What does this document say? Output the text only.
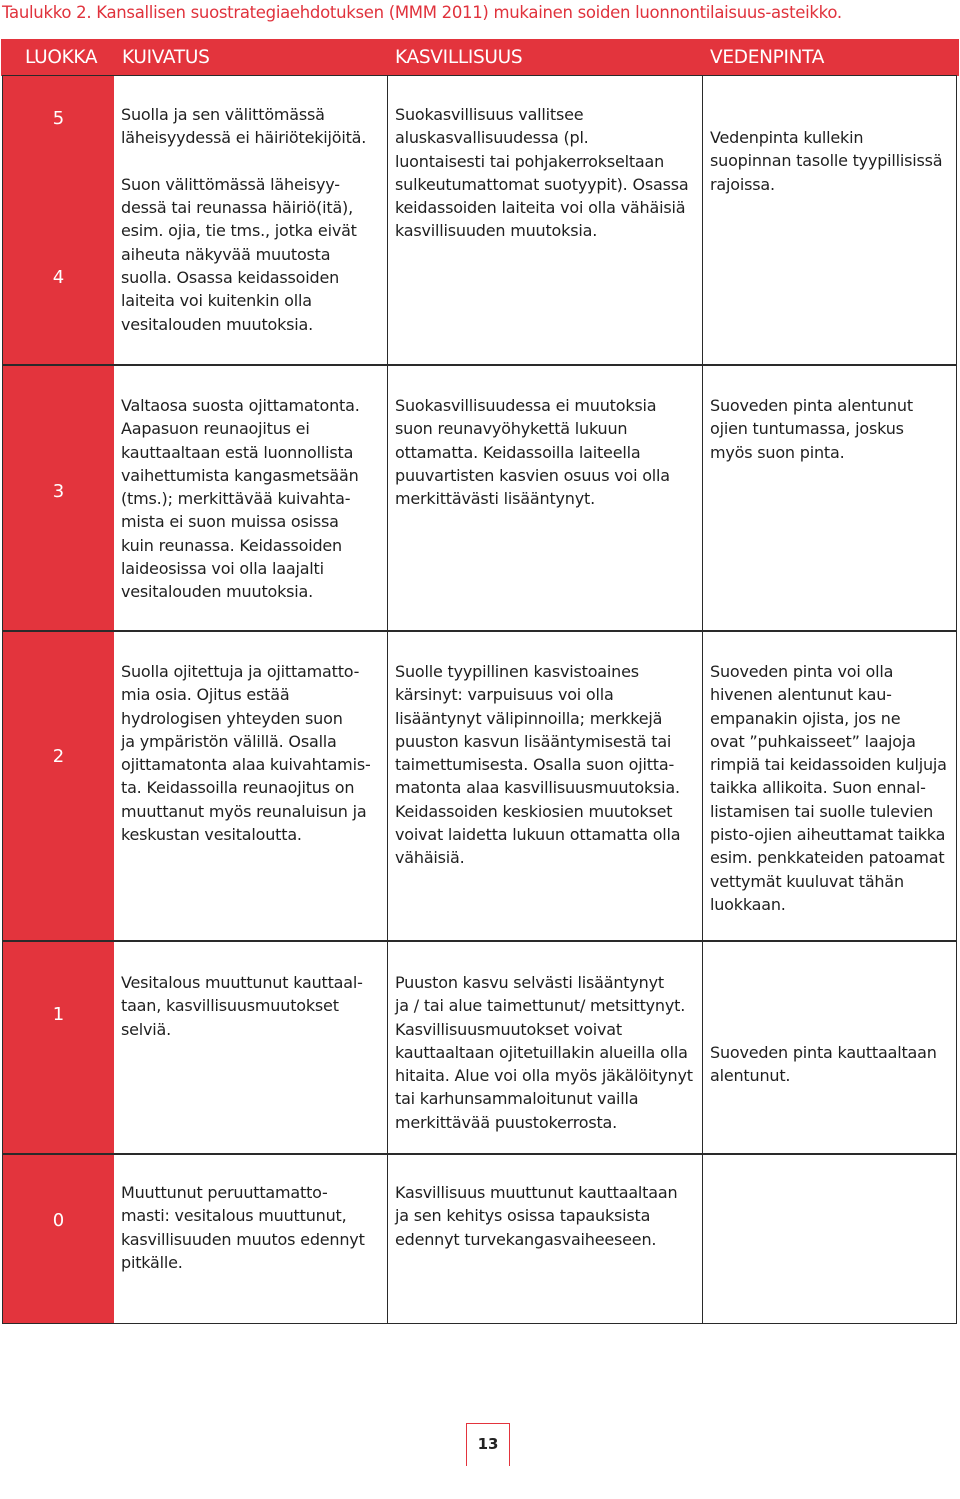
Taulukko 2. Kansallisen suostrategiaehdotuksen (MMM 2011) mukainen soiden luonnontilaisuus-asteikko.
LUOKKA KUIVATUS	KASVILLISUUS	VEDENPINTA
5
4
Suolla ja sen välittömässä
läheisyydessä ei häiriötekijöitä.

Suon välittömässä läheisyy-
dessä tai reunassa häiriö(itä),
esim. ojia, tie tms., jotka eivät
aiheuta näkyvää muutosta
suolla. Osassa keidassoiden
laiteita voi kuitenkin olla
vesitalouden muutoksia.
Suokasvillisuus vallitsee
aluskasvallisuudessa (pl.
luontaisesti tai pohjakerrokseltaan
sulkeutumattomat suotyypit). Osassa
keidassoiden laiteita voi olla vähäisiä
kasvillisuuden muutoksia.
Vedenpinta kullekin
suopinnan tasolle tyypillisissä
rajoissa.
3
Valtaosa suosta ojittamatonta.
Aapasuon reunaojitus ei
kauttaaltaan estä luonnollista
vaihettumista kangasmetsään
(tms.); merkittävää kuivahta-
mista ei suon muissa osissa
kuin reunassa. Keidassoiden
laideosissa voi olla laajalti
vesitalouden muutoksia.
Suokasvillisuudessa ei muutoksia
suon reunavyöhykettä lukuun
ottamatta. Keidassoilla laiteella
puuvartisten kasvien osuus voi olla
merkittävästi lisääntynyt.
Suoveden pinta alentunut
ojien tuntumassa, joskus
myös suon pinta.
2
Suolla ojitettuja ja ojittamatto-
mia osia. Ojitus estää
hydrologisen yhteyden suon
ja ympäristön välillä. Osalla
ojittamatonta alaa kuivahtamis-
ta. Keidassoilla reunaojitus on
muuttanut myös reunaluisun ja
keskustan vesitaloutta.
Suolle tyypillinen kasvistoaines
kärsinyt: varpuisuus voi olla
lisääntynyt välipinnoilla; merkkejä
puuston kasvun lisääntymisestä tai
taimettumisesta. Osalla suon ojitta-
matonta alaa kasvillisuusmuutoksia.
Keidassoiden keskiosien muutokset
voivat laidetta lukuun ottamatta olla
vähäisiä.
Suoveden pinta voi olla
hivenen alentunut kau-
empanakin ojista, jos ne
ovat ”puhkaisseet” laajoja
rimpiä tai keidassoiden kuljuja
taikka allikoita. Suon ennal-
listamisen tai suolle tulevien
pisto-ojien aiheuttamat taikka
esim. penkkateiden patoamat
vettymät kuuluvat tähän
luokkaan.
1
Vesitalous muuttunut kauttaal-
taan, kasvillisuusmuutokset
selviä.
Puuston kasvu selvästi lisääntynyt
ja / tai alue taimettunut/ metsittynyt.
Kasvillisuusmuutokset voivat
kauttaaltaan ojitetuillakin alueilla olla
hitaita. Alue voi olla myös jäkälöitynyt
tai karhunsammaloitunut vailla
merkittävää puustokerrosta.
Suoveden pinta kauttaaltaan
alentunut.
0
Muuttunut peruuttamatto-
masti: vesitalous muuttunut,
kasvillisuuden muutos edennyt
pitkälle.
Kasvillisuus muuttunut kauttaaltaan
ja sen kehitys osissa tapauksista
edennyt turvekangasvaiheeseen.
13
